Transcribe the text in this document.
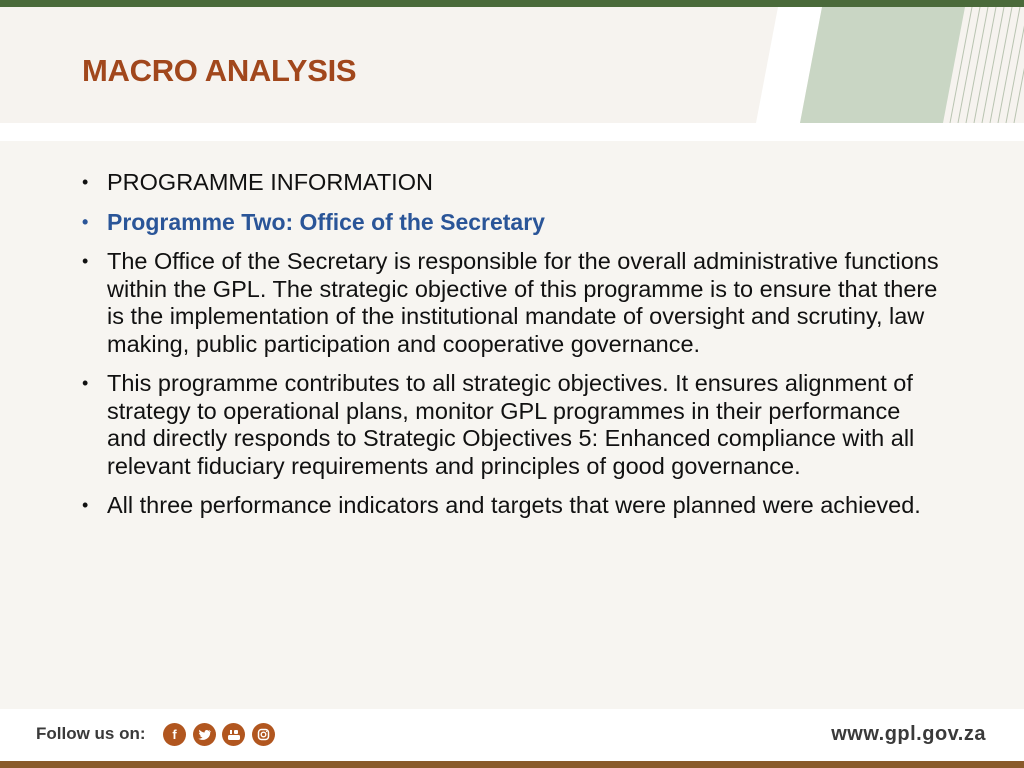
MACRO ANALYSIS
• PROGRAMME INFORMATION
• Programme Two: Office of the Secretary
• The Office of the Secretary is responsible for the overall administrative functions within the GPL. The strategic objective of this programme is to ensure that there is the implementation of the institutional mandate of oversight and scrutiny, law making, public participation and cooperative governance.
• This programme contributes to all strategic objectives. It ensures alignment of strategy to operational plans, monitor GPL programmes in their performance and directly responds to Strategic Objectives 5: Enhanced compliance with all relevant fiduciary requirements and principles of good governance.
• All three performance indicators and targets that were planned were achieved.
Follow us on:	f	www.gpl.gov.za
